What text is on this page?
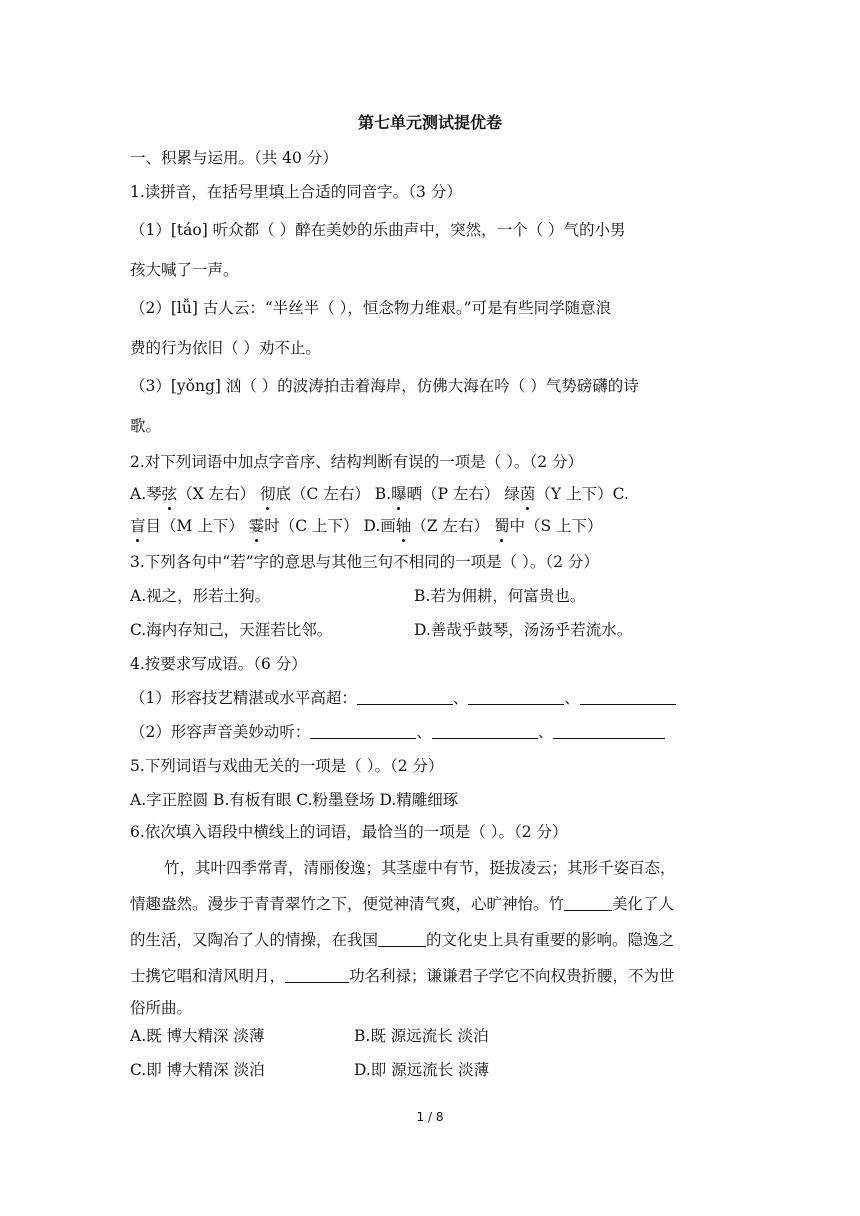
第七单元测试提优卷
一、积累与运用。（共 40 分）
1.读拼音，在括号里填上合适的同音字。（3 分）
（1）[táo] 听众都（ ）醉在美妙的乐曲声中，突然，一个（ ）气的小男
孩大喊了一声。
（2）[lǚ] 古人云：“半丝半（ ），恒念物力维艰。”可是有些同学随意浪
费的行为依旧（ ）劝不止。
（3）[yǒng] 汹（ ）的波涛拍击着海岸，仿佛大海在吟（ ）气势磅礴的诗
歌。
2.对下列词语中加点字音序、结构判断有误的一项是（ ）。（2 分）
A.琴弦（X 左右） 彻底（C 左右） B.曝晒（P 左右） 绿茵（Y 上下）C.
盲目（M 上下） 霎时（C 上下） D.画轴（Z 左右） 蜀中（S 上下）
3.下列各句中“若”字的意思与其他三句不相同的一项是（ ）。（2 分）
A.视之，形若土狗。	B.若为佣耕，何富贵也。
C.海内存知己，天涯若比邻。	D.善哉乎鼓琴，汤汤乎若流水。
4.按要求写成语。（6 分）
（1）形容技艺精湛或水平高超：	、	、
（2）形容声音美妙动听：	、	、
5.下列词语与戏曲无关的一项是（ ）。（2 分）
A.字正腔圆 B.有板有眼 C.粉墨登场 D.精雕细琢
6.依次填入语段中横线上的词语，最恰当的一项是（ ）。（2 分）
竹，其叶四季常青，清丽俊逸；其茎虚中有节，挺拔凌云；其形千姿百态，
情趣盎然。漫步于青青翠竹之下，便觉神清气爽，心旷神怡。竹	美化了人
的生活，又陶冶了人的情操，在我国	的文化史上具有重要的影响。隐逸之
士携它唱和清风明月，	功名利禄；谦谦君子学它不向权贵折腰，不为世
俗所曲。
A.既 博大精深 淡薄	B.既 源远流长 淡泊
C.即 博大精深 淡泊	D.即 源远流长 淡薄
1 / 8
